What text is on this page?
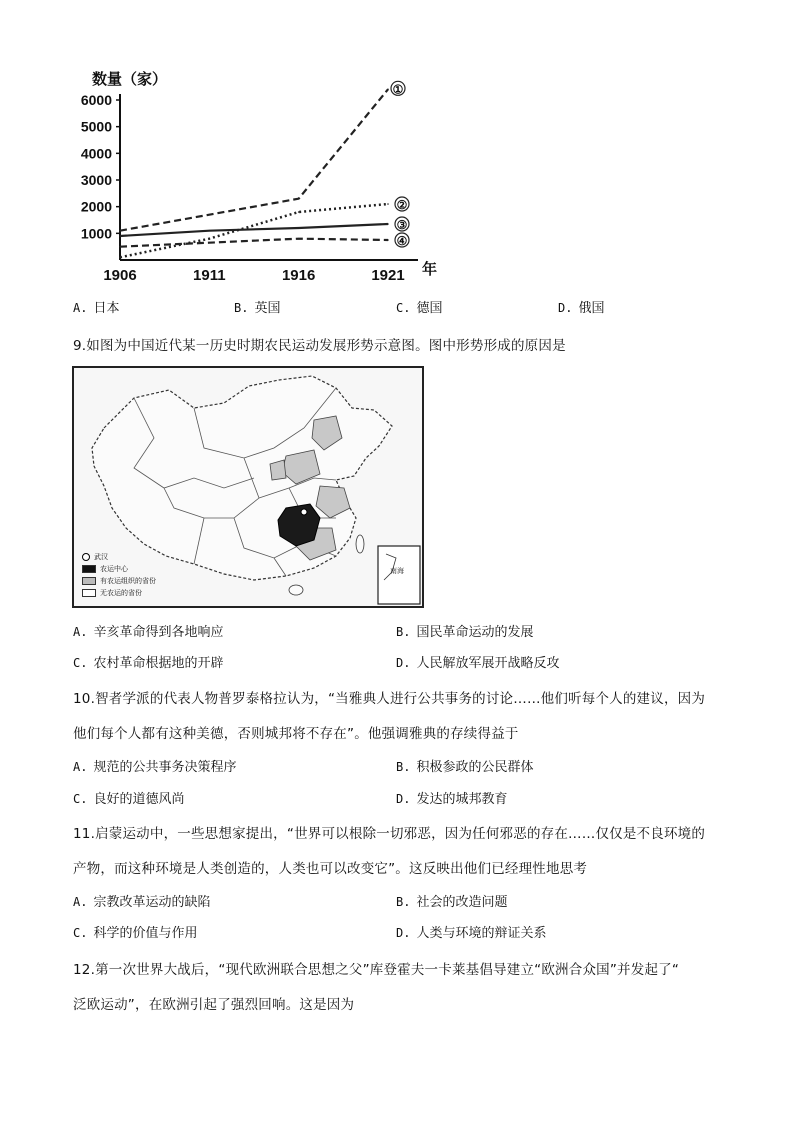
数量（家）
1000
2000
3000
4000
5000
6000
1906	1911	1916	1921
①
②
③
④
年
A. 日本	B. 英国	C. 德国	D. 俄国
9.如图为中国近代某一历史时期农民运动发展形势示意图。图中形势形成的原因是
南海
武汉
农运中心
有农运组织的省份
无农运的省份
A. 辛亥革命得到各地响应	B. 国民革命运动的发展
C. 农村革命根据地的开辟	D. 人民解放军展开战略反攻
10.智者学派的代表人物普罗泰格拉认为，“当雅典人进行公共事务的讨论……他们听每个人的建议，因为
他们每个人都有这种美德，否则城邦将不存在”。他强调雅典的存续得益于
A. 规范的公共事务决策程序	B. 积极参政的公民群体
C. 良好的道德风尚	D. 发达的城邦教育
11.启蒙运动中，一些思想家提出，“世界可以根除一切邪恶，因为任何邪恶的存在……仅仅是不良环境的
产物，而这种环境是人类创造的，人类也可以改变它”。这反映出他们已经理性地思考
A. 宗教改革运动的缺陷	B. 社会的改造问题
C. 科学的价值与作用	D. 人类与环境的辩证关系
12.第一次世界大战后，“现代欧洲联合思想之父”库登霍夫一卡莱基倡导建立“欧洲合众国”并发起了“
泛欧运动”，在欧洲引起了强烈回响。这是因为
